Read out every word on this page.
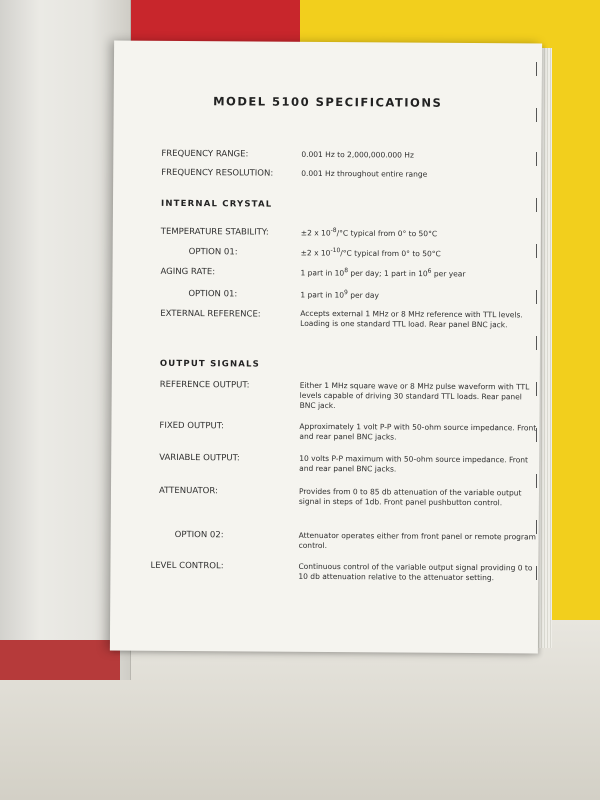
MODEL 5100 SPECIFICATIONS
FREQUENCY RANGE:	0.001 Hz to 2,000,000.000 Hz
FREQUENCY RESOLUTION:	0.001 Hz throughout entire range
INTERNAL CRYSTAL
TEMPERATURE STABILITY:	±2 x $10^{-8}/^\circ C$ typical from 0° to 50°C
OPTION 01:	±2 x $10^{-10}/^\circ C$ typical from 0° to 50°C
AGING RATE:	1 part in $10^8$ per day; 1 part in $10^6$ per year
OPTION 01:	1 part in $10^9$ per day
EXTERNAL REFERENCE:	Accepts external 1 MHz or 8 MHz reference with TTL levels. Loading is one standard TTL load. Rear panel BNC jack.
OUTPUT SIGNALS
REFERENCE OUTPUT:	Either 1 MHz square wave or 8 MHz pulse waveform with TTL levels capable of driving 30 standard TTL loads. Rear panel BNC jack.
FIXED OUTPUT:	Approximately 1 volt P-P with 50-ohm source impedance. Front and rear panel BNC jacks.
VARIABLE OUTPUT:	10 volts P-P maximum with 50-ohm source impedance. Front and rear panel BNC jacks.
ATTENUATOR:	Provides from 0 to 85 db attenuation of the variable output signal in steps of 1db. Front panel pushbutton control.
OPTION 02:	Attenuator operates either from front panel or remote program control.
LEVEL CONTROL:	Continuous control of the variable output signal providing 0 to 10 db attenuation relative to the attenuator setting.
